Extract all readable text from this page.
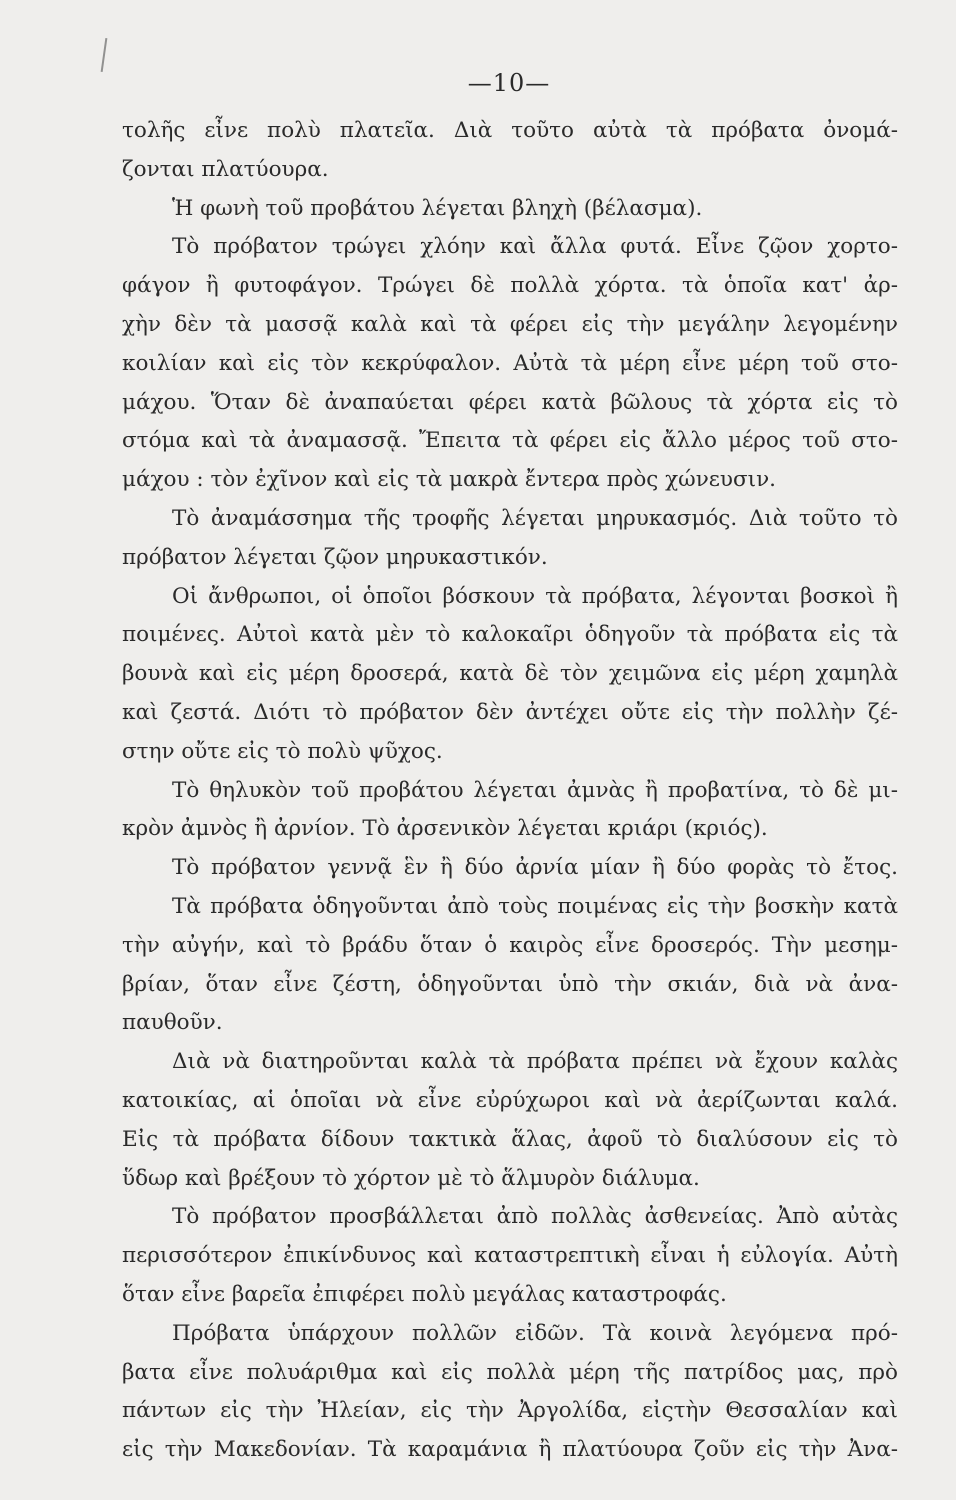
—10—
τολῆς εἶνε πολὺ πλατεῖα. Διὰ τοῦτο αὐτὰ τὰ πρόβατα ὀνομά-
ζονται πλατύουρα.
Ἡ φωνὴ τοῦ προβάτου λέγεται βληχὴ (βέλασμα).
Τὸ πρόβατον τρώγει χλόην καὶ ἄλλα φυτά. Εἶνε ζῷον χορτο-
φάγον ἢ φυτοφάγον. Τρώγει δὲ πολλὰ χόρτα. τὰ ὁποῖα κατ' ἀρ-
χὴν δὲν τὰ μασσᾷ καλὰ καὶ τὰ φέρει εἰς τὴν μεγάλην λεγομένην
κοιλίαν καὶ εἰς τὸν κεκρύφαλον. Αὐτὰ τὰ μέρη εἶνε μέρη τοῦ στο-
μάχου. Ὅταν δὲ ἀναπαύεται φέρει κατὰ βῶλους τὰ χόρτα εἰς τὸ
στόμα καὶ τὰ ἀναμασσᾷ. Ἔπειτα τὰ φέρει εἰς ἄλλο μέρος τοῦ στο-
μάχου : τὸν ἐχῖνον καὶ εἰς τὰ μακρὰ ἔντερα πρὸς χώνευσιν.
Τὸ ἀναμάσσημα τῆς τροφῆς λέγεται μηρυκασμός. Διὰ τοῦτο τὸ
πρόβατον λέγεται ζῷον μηρυκαστικόν.
Οἱ ἄνθρωποι, οἱ ὁποῖοι βόσκουν τὰ πρόβατα, λέγονται βοσκοὶ ἢ
ποιμένες. Αὐτοὶ κατὰ μὲν τὸ καλοκαῖρι ὁδηγοῦν τὰ πρόβατα εἰς τὰ
βουνὰ καὶ εἰς μέρη δροσερά, κατὰ δὲ τὸν χειμῶνα εἰς μέρη χαμηλὰ
καὶ ζεστά. Διότι τὸ πρόβατον δὲν ἀντέχει οὔτε εἰς τὴν πολλὴν ζέ-
στην οὔτε εἰς τὸ πολὺ ψῦχος.
Τὸ θηλυκὸν τοῦ προβάτου λέγεται ἀμνὰς ἢ προβατίνα, τὸ δὲ μι-
κρὸν ἀμνὸς ἢ ἀρνίον. Τὸ ἀρσενικὸν λέγεται κριάρι (κριός).
Τὸ πρόβατον γεννᾷ ἓν ἢ δύο ἀρνία μίαν ἢ δύο φορὰς τὸ ἔτος.
Τὰ πρόβατα ὁδηγοῦνται ἀπὸ τοὺς ποιμένας εἰς τὴν βοσκὴν κατὰ
τὴν αὐγήν, καὶ τὸ βράδυ ὅταν ὁ καιρὸς εἶνε δροσερός. Τὴν μεσημ-
βρίαν, ὅταν εἶνε ζέστη, ὁδηγοῦνται ὑπὸ τὴν σκιάν, διὰ νὰ ἀνα-
παυθοῦν.
Διὰ νὰ διατηροῦνται καλὰ τὰ πρόβατα πρέπει νὰ ἔχουν καλὰς
κατοικίας, αἱ ὁποῖαι νὰ εἶνε εὐρύχωροι καὶ νὰ ἀερίζωνται καλά.
Εἰς τὰ πρόβατα δίδουν τακτικὰ ἅλας, ἀφοῦ τὸ διαλύσουν εἰς τὸ
ὕδωρ καὶ βρέξουν τὸ χόρτον μὲ τὸ ἅλμυρὸν διάλυμα.
Τὸ πρόβατον προσβάλλεται ἀπὸ πολλὰς ἀσθενείας. Ἀπὸ αὐτὰς
περισσότερον ἐπικίνδυνος καὶ καταστρεπτικὴ εἶναι ἡ εὐλογία. Αὐτὴ
ὅταν εἶνε βαρεῖα ἐπιφέρει πολὺ μεγάλας καταστροφάς.
Πρόβατα ὑπάρχουν πολλῶν εἰδῶν. Τὰ κοινὰ λεγόμενα πρό-
βατα εἶνε πολυάριθμα καὶ εἰς πολλὰ μέρη τῆς πατρίδος μας, πρὸ
πάντων εἰς τὴν Ἠλείαν, εἰς τὴν Ἀργολίδα, εἰςτὴν Θεσσαλίαν καὶ
εἰς τὴν Μακεδονίαν. Τὰ καραμάνια ἢ πλατύουρα ζοῦν εἰς τὴν Ἀνα-
